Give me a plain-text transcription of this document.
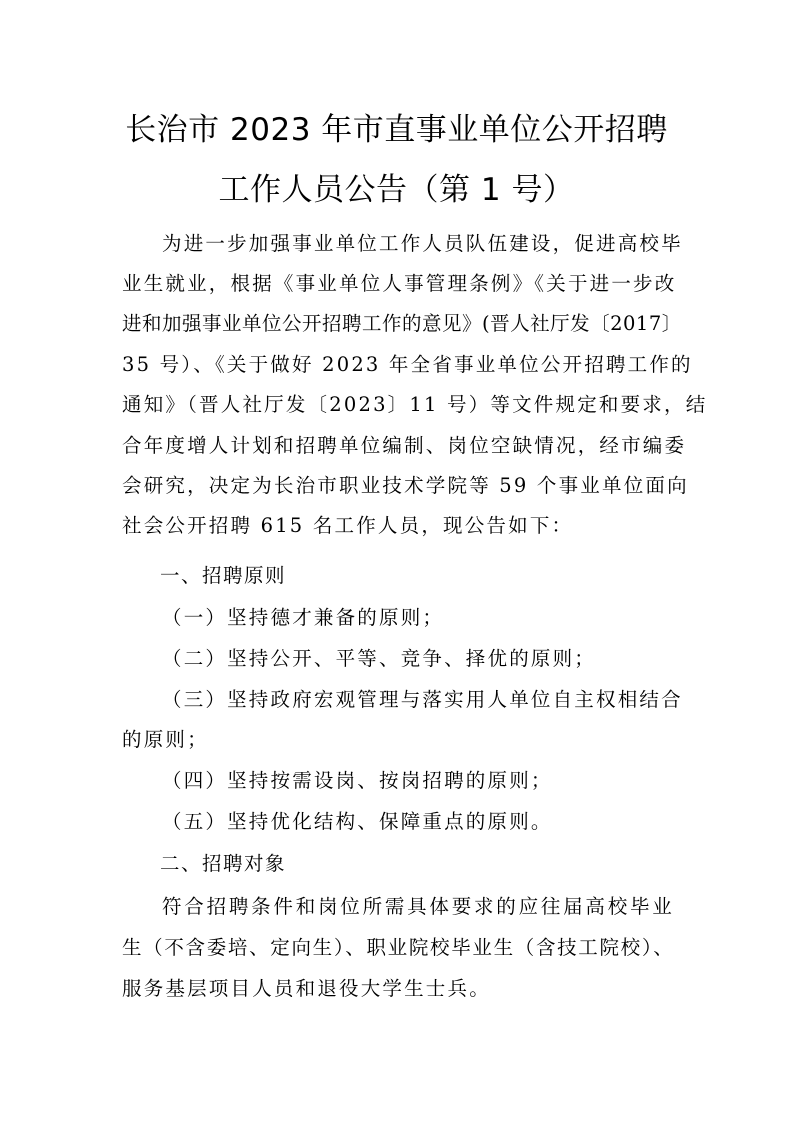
长治市 2023 年市直事业单位公开招聘
工作人员公告（第 1 号）
为进一步加强事业单位工作人员队伍建设，促进高校毕
业生就业，根据《事业单位人事管理条例》《关于进一步改
进和加强事业单位公开招聘工作的意见》(晋人社厅发〔2017〕
35 号）、《关于做好 2023 年全省事业单位公开招聘工作的
通知》（晋人社厅发〔2023〕11 号）等文件规定和要求，结
合年度增人计划和招聘单位编制、岗位空缺情况，经市编委
会研究，决定为长治市职业技术学院等 59 个事业单位面向
社会公开招聘 615 名工作人员，现公告如下：
一、招聘原则
（一）坚持德才兼备的原则；
（二）坚持公开、平等、竞争、择优的原则；
（三）坚持政府宏观管理与落实用人单位自主权相结合
的原则；
（四）坚持按需设岗、按岗招聘的原则；
（五）坚持优化结构、保障重点的原则。
二、招聘对象
符合招聘条件和岗位所需具体要求的应往届高校毕业
生（不含委培、定向生）、职业院校毕业生（含技工院校）、
服务基层项目人员和退役大学生士兵。
